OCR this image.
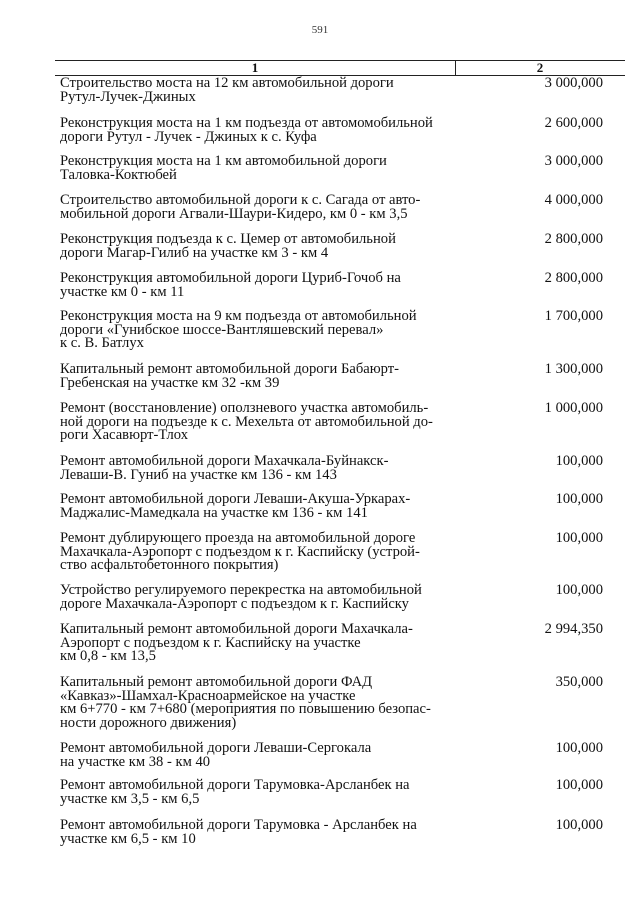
591
1	2
Строительство моста на 12 км автомобильной дороги
Рутул-Лучек-Джиных
3 000,000
Реконструкция моста на 1 км подъезда от автомомобильной
дороги Рутул - Лучек - Джиных к с. Куфа
2 600,000
Реконструкция моста на 1 км автомобильной дороги
Таловка-Коктюбей
3 000,000
Строительство автомобильной дороги к с. Сагада от авто-
мобильной дороги Агвали-Шаури-Кидеро, км 0 - км 3,5
4 000,000
Реконструкция подъезда к с. Цемер от автомобильной
дороги Магар-Гилиб на участке км 3 - км 4
2 800,000
Реконструкция автомобильной дороги Цуриб-Гочоб на
участке км 0 - км 11
2 800,000
Реконструкция моста на 9 км подъезда от автомобильной
дороги «Гунибское шоссе-Вантляшевский перевал»
к с. В. Батлух
1 700,000
Капитальный ремонт автомобильной дороги Бабаюрт-
Гребенская на участке км 32 -км 39
1 300,000
Ремонт (восстановление) оползневого участка автомобиль-
ной дороги на подъезде к с. Мехельта от автомобильной до-
роги Хасавюрт-Тлох
1 000,000
Ремонт автомобильной дороги Махачкала-Буйнакск-
Леваши-В. Гуниб на участке км 136 - км 143
100,000
Ремонт автомобильной дороги Леваши-Акуша-Уркарах-
Маджалис-Мамедкала на участке км 136 - км 141
100,000
Ремонт дублирующего проезда на автомобильной дороге
Махачкала-Аэропорт с подъездом к г. Каспийску (устрой-
ство асфальтобетонного покрытия)
100,000
Устройство регулируемого перекрестка на автомобильной
дороге Махачкала-Аэропорт с подъездом к г. Каспийску
100,000
Капитальный ремонт автомобильной дороги Махачкала-
Аэропорт с подъездом к г. Каспийску на участке
км 0,8 - км 13,5
2 994,350
Капитальный ремонт автомобильной дороги ФАД
«Кавказ»-Шамхал-Красноармейское на участке
км 6+770 - км 7+680 (мероприятия по повышению безопас-
ности дорожного движения)
350,000
Ремонт автомобильной дороги Леваши-Сергокала
на участке км 38 - км 40
100,000
Ремонт автомобильной дороги Тарумовка-Арсланбек на
участке км 3,5 - км 6,5
100,000
Ремонт автомобильной дороги Тарумовка - Арсланбек на
участке км 6,5 - км 10
100,000
